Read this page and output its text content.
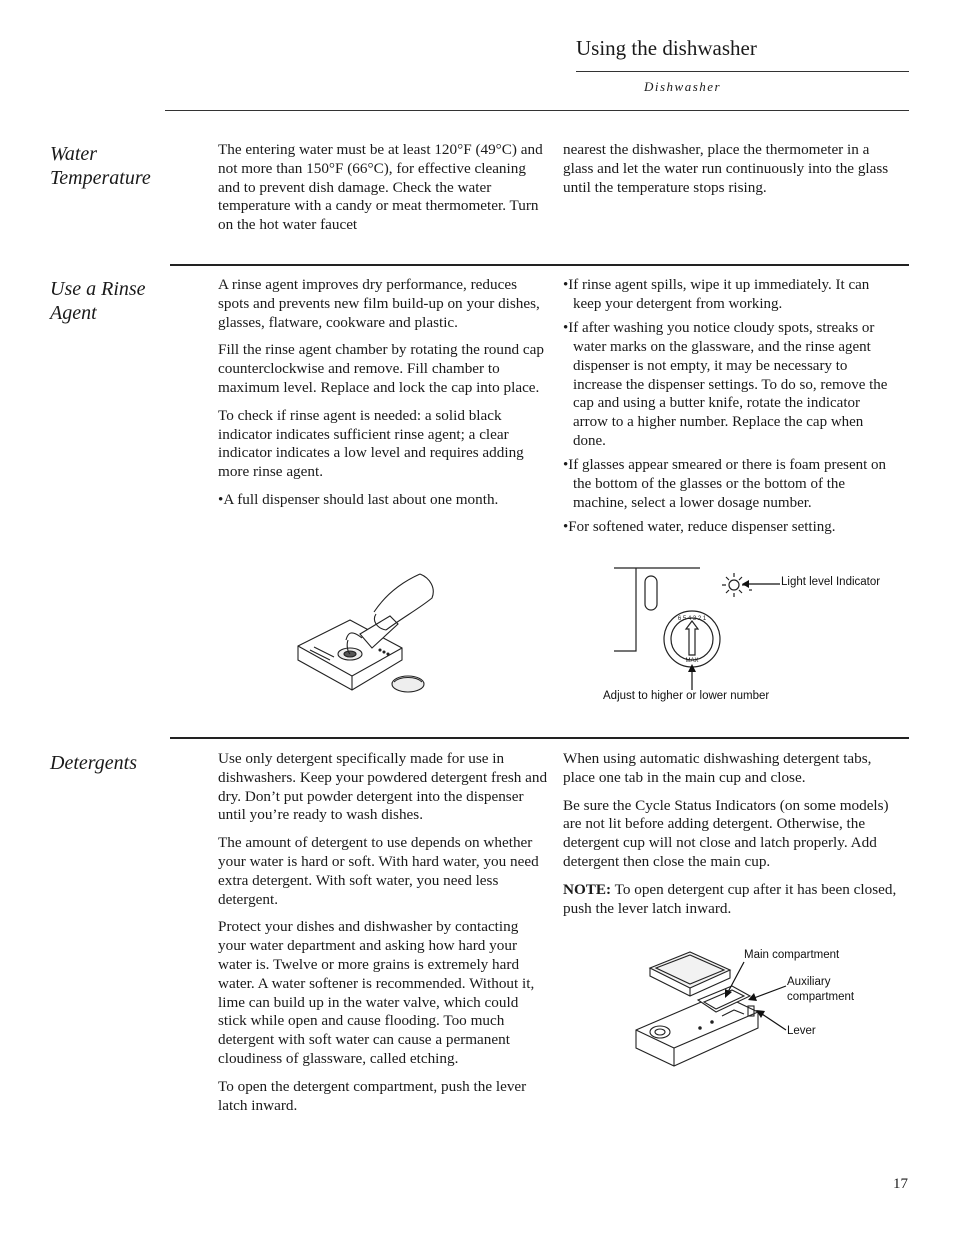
Using the dishwasher
Dishwasher
Water
Temperature

The entering water must be at least 120°F (49°C) and not more than 150°F (66°C), for effective cleaning and to prevent dish damage. Check the water temperature with a candy or meat thermometer. Turn on the hot water faucet

nearest the dishwasher, place the thermometer in a glass and let the water run continuously into the glass until the temperature stops rising.

Use a Rinse
Agent

A rinse agent improves dry performance, reduces spots and prevents new film build-up on your dishes, glasses, flatware, cookware and plastic.

Fill the rinse agent chamber by rotating the round cap counterclockwise and remove. Fill chamber to maximum level. Replace and lock the cap into place.

To check if rinse agent is needed: a solid black indicator indicates sufficient rinse agent; a clear indicator indicates a low level and requires adding more rinse agent.

•A full dispenser should last about one month.

•If rinse agent spills, wipe it up immediately. It can keep your detergent from working.

•If after washing you notice cloudy spots, streaks or water marks on the glassware, and the rinse agent dispenser is not empty, it may be necessary to increase the dispenser settings. To do so, remove the cap and using a butter knife, rotate the indicator arrow to a higher number. Replace the cap when done.

•If glasses appear smeared or there is foam present on the bottom of the glasses or the bottom of the machine, select a lower dosage number.

•For softened water, reduce dispenser setting.

6 5 4 3 2 1
MAX
Light level Indicator
Adjust to higher or lower number
Detergents	Use only detergent specifically made for use in dishwashers. Keep your powdered detergent fresh and dry. Don’t put powder detergent into the dispenser until you’re ready to wash dishes.

The amount of detergent to use depends on whether your water is hard or soft. With hard water, you need extra detergent. With soft water, you need less detergent.

Protect your dishes and dishwasher by contacting your water department and asking how hard your water is. Twelve or more grains is extremely hard water. A water softener is recommended. Without it, lime can build up in the water valve, which could stick while open and cause flooding. Too much detergent with soft water can cause a permanent cloudiness of glassware, called etching.

To open the detergent compartment, push the lever latch inward.

When using automatic dishwashing detergent tabs, place one tab in the main cup and close.

Be sure the Cycle Status Indicators (on some models) are not lit before adding detergent. Otherwise, the detergent cup will not close and latch properly. Add detergent then close the main cup.

NOTE: To open detergent cup after it has been closed, push the lever latch inward.

Main compartment
Auxiliary
compartment
Lever
17
